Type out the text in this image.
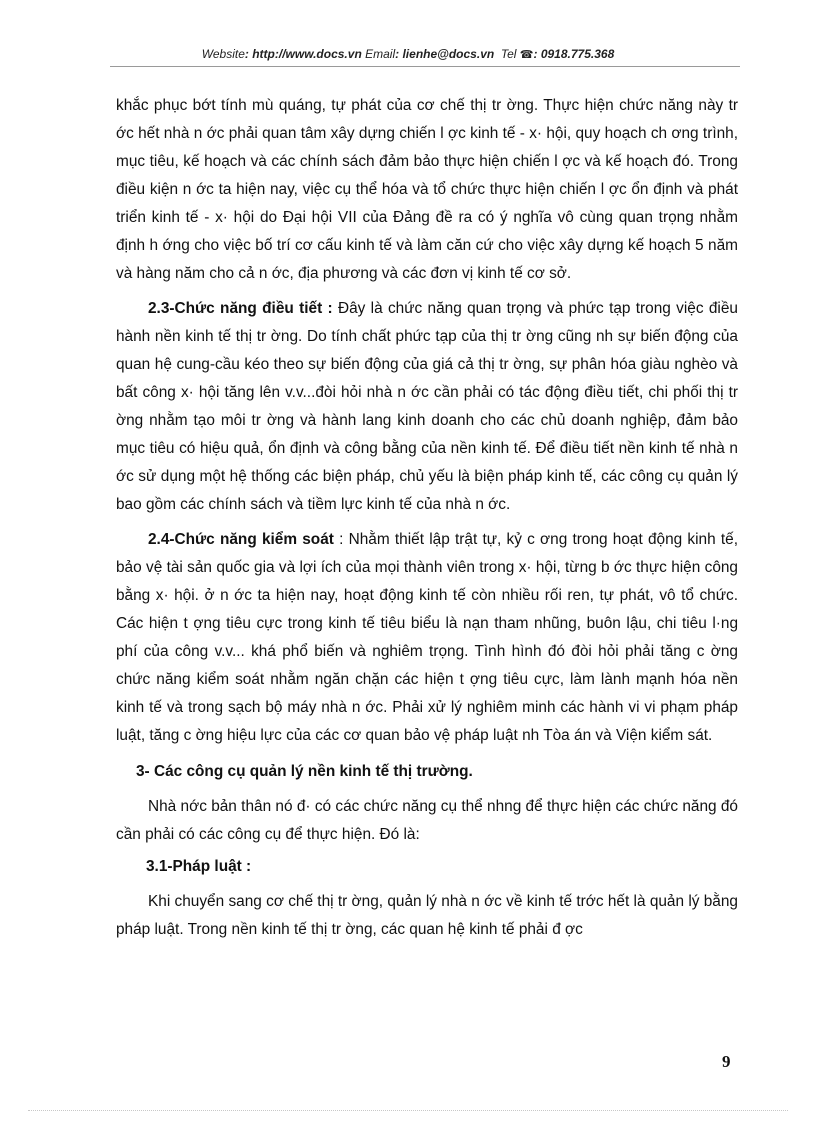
Website: http://www.docs.vn Email: lienhe@docs.vn Tel ☎: 0918.775.368

khắc phục bớt tính mù quáng, tự phát của cơ chế thị tr ờng. Thực hiện chức năng này tr ớc hết nhà n ớc phải quan tâm xây dựng chiến l ợc kinh tế - x· hội, quy hoạch ch ơng trình, mục tiêu, kế hoạch và các chính sách đảm bảo thực hiện chiến l ợc và kế hoạch đó. Trong điều kiện n ớc ta hiện nay, việc cụ thể hóa và tổ chức thực hiện chiến l ợc ổn định và phát triển kinh tế - x· hội do Đại hội VII của Đảng đề ra có ý nghĩa vô cùng quan trọng nhằm định h ớng cho việc bố trí cơ cấu kinh tế và làm căn cứ cho việc xây dựng kế hoạch 5 năm và hàng năm cho cả n ớc, địa phương và các đơn vị kinh tế cơ sở.

2.3-Chức năng điều tiết : Đây là chức năng quan trọng và phức tạp trong việc điều hành nền kinh tế thị tr ờng. Do tính chất phức tạp của thị tr ờng cũng nh sự biến động của quan hệ cung-cầu kéo theo sự biến động của giá cả thị tr ờng, sự phân hóa giàu nghèo và bất công x· hội tăng lên v.v...đòi hỏi nhà n ớc cần phải có tác động điều tiết, chi phối thị tr ờng nhằm tạo môi tr ờng và hành lang kinh doanh cho các chủ doanh nghiệp, đảm bảo mục tiêu có hiệu quả, ổn định và công bằng của nền kinh tế. Để điều tiết nền kinh tế nhà n ớc sử dụng một hệ thống các biện pháp, chủ yếu là biện pháp kinh tế, các công cụ quản lý bao gồm các chính sách và tiềm lực kinh tế của nhà n ớc.

2.4-Chức năng kiểm soát : Nhằm thiết lập trật tự, kỷ c ơng trong hoạt động kinh tế, bảo vệ tài sản quốc gia và lợi ích của mọi thành viên trong x· hội, từng b ớc thực hiện công bằng x· hội. ở n ớc ta hiện nay, hoạt động kinh tế còn nhiều rối ren, tự phát, vô tổ chức. Các hiện t ợng tiêu cực trong kinh tế tiêu biểu là nạn tham nhũng, buôn lậu, chi tiêu l·ng phí của công v.v... khá phổ biến và nghiêm trọng. Tình hình đó đòi hỏi phải tăng c ờng chức năng kiểm soát nhằm ngăn chặn các hiện t ợng tiêu cực, làm lành mạnh hóa nền kinh tế và trong sạch bộ máy nhà n ớc. Phải xử lý nghiêm minh các hành vi vi phạm pháp luật, tăng c ờng hiệu lực của các cơ quan bảo vệ pháp luật nh Tòa án và Viện kiểm sát.

3- Các công cụ quản lý nền kinh tế thị trường.

Nhà nớc bản thân nó đ· có các chức năng cụ thể nhng để thực hiện các chức năng đó cần phải có các công cụ để thực hiện. Đó là:

3.1-Pháp luật :

Khi chuyển sang cơ chế thị tr ờng, quản lý nhà n ớc về kinh tế trớc hết là quản lý bằng pháp luật. Trong nền kinh tế thị tr ờng, các quan hệ kinh tế phải đ ợc

9
